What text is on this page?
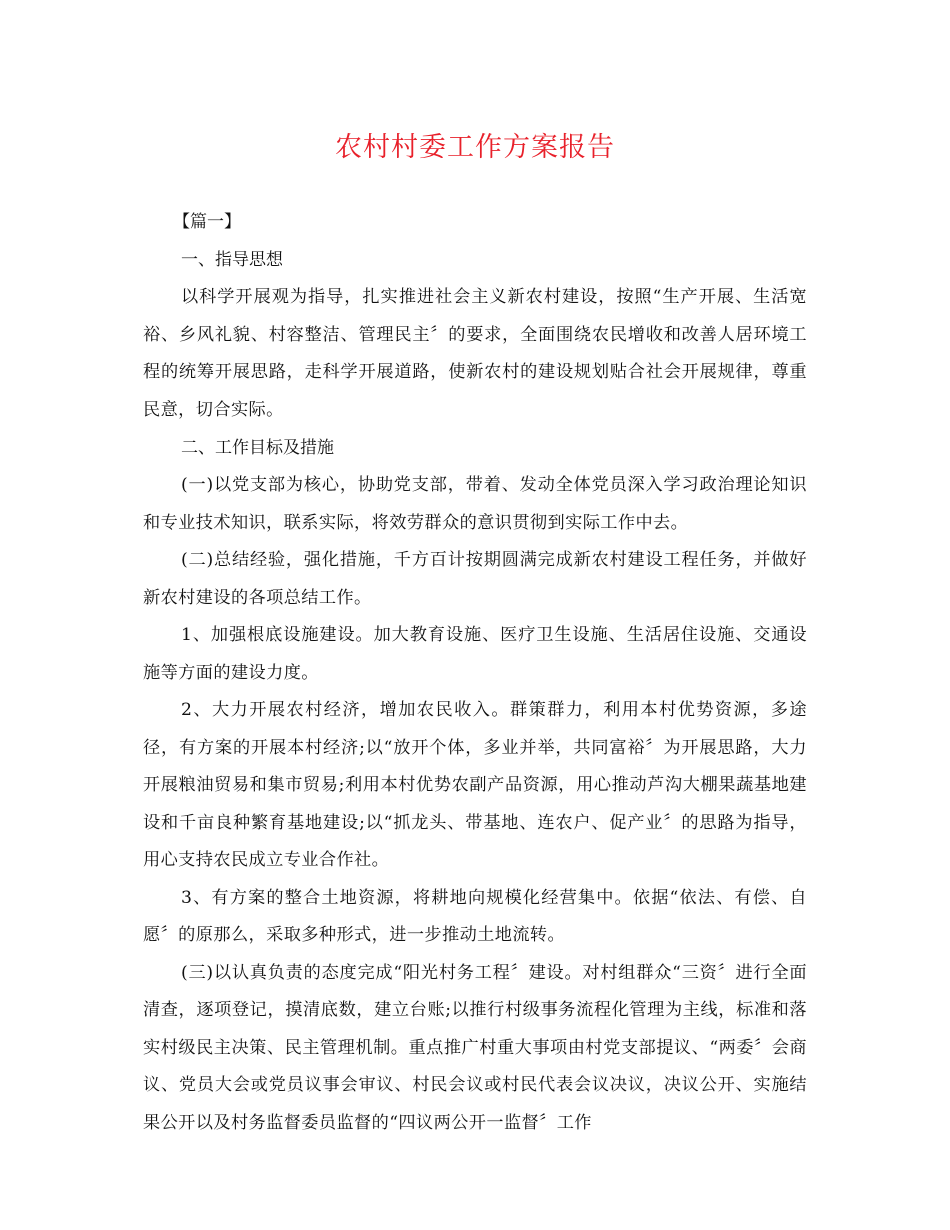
农村村委工作方案报告

【篇一】

一、指导思想

以科学开展观为指导，扎实推进社会主义新农村建设，按照“生产开展、生活宽裕、乡风礼貌、村容整洁、管理民主〞的要求，全面围绕农民增收和改善人居环境工程的统筹开展思路，走科学开展道路，使新农村的建设规划贴合社会开展规律，尊重民意，切合实际。

二、工作目标及措施

(一)以党支部为核心，协助党支部，带着、发动全体党员深入学习政治理论知识和专业技术知识，联系实际，将效劳群众的意识贯彻到实际工作中去。

(二)总结经验，强化措施，千方百计按期圆满完成新农村建设工程任务，并做好新农村建设的各项总结工作。

1、加强根底设施建设。加大教育设施、医疗卫生设施、生活居住设施、交通设施等方面的建设力度。

2、大力开展农村经济，增加农民收入。群策群力，利用本村优势资源，多途径，有方案的开展本村经济;以“放开个体，多业并举，共同富裕〞为开展思路，大力开展粮油贸易和集市贸易;利用本村优势农副产品资源，用心推动芦沟大棚果蔬基地建设和千亩良种繁育基地建设;以“抓龙头、带基地、连农户、促产业〞的思路为指导，用心支持农民成立专业合作社。

3、有方案的整合土地资源，将耕地向规模化经营集中。依据“依法、有偿、自愿〞的原那么，采取多种形式，进一步推动土地流转。

(三)以认真负责的态度完成“阳光村务工程〞建设。对村组群众“三资〞进行全面清查，逐项登记，摸清底数，建立台账;以推行村级事务流程化管理为主线，标准和落实村级民主决策、民主管理机制。重点推广村重大事项由村党支部提议、“两委〞会商议、党员大会或党员议事会审议、村民会议或村民代表会议决议，决议公开、实施结果公开以及村务监督委员监督的“四议两公开一监督〞工作
